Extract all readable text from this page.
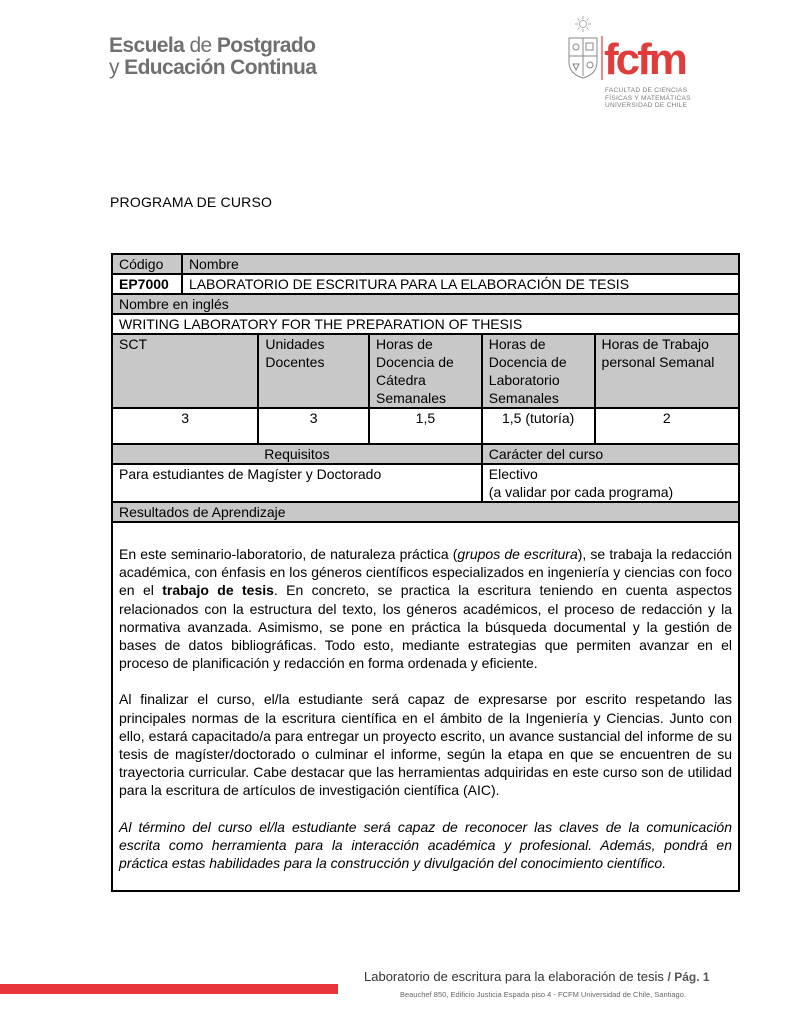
Escuela de Postgrado
y Educación Continua	fcfm
FACULTAD DE CIENCIAS
FÍSICAS Y MATEMÁTICAS
UNIVERSIDAD DE CHILE
PROGRAMA DE CURSO
Código	Nombre				
EP7000	LABORATORIO DE ESCRITURA PARA LA ELABORACIÓN DE TESIS				
Nombre en inglés					
WRITING LABORATORY FOR THE PREPARATION OF THESIS					
SCT		Unidades Docentes	Horas de Docencia de Cátedra Semanales	Horas de Docencia de Laboratorio Semanales	Horas de Trabajo personal Semanal
3		3	1,5	1,5 (tutoría)	2
Requisitos				Carácter del curso	
Para estudiantes de Magíster y Doctorado				Electivo
(a validar por cada programa)	

Resultados de Aprendizaje					

En este seminario-laboratorio, de naturaleza práctica (grupos de escritura), se trabaja la redacción académica, con énfasis en los géneros científicos especializados en ingeniería y ciencias con foco en el trabajo de tesis. En concreto, se practica la escritura teniendo en cuenta aspectos relacionados con la estructura del texto, los géneros académicos, el proceso de redacción y la normativa avanzada. Asimismo, se pone en práctica la búsqueda documental y la gestión de bases de datos bibliográficas. Todo esto, mediante estrategias que permiten avanzar en el proceso de planificación y redacción en forma ordenada y eficiente.

Al finalizar el curso, el/la estudiante será capaz de expresarse por escrito respetando las principales normas de la escritura científica en el ámbito de la Ingeniería y Ciencias. Junto con ello, estará capacitado/a para entregar un proyecto escrito, un avance sustancial del informe de su tesis de magíster/doctorado o culminar el informe, según la etapa en que se encuentren de su trayectoria curricular. Cabe destacar que las herramientas adquiridas en este curso son de utilidad para la escritura de artículos de investigación científica (AIC).

Al término del curso el/la estudiante será capaz de reconocer las claves de la comunicación escrita como herramienta para la interacción académica y profesional. Además, pondrá en práctica estas habilidades para la construcción y divulgación del conocimiento científico.					

Laboratorio de escritura para la elaboración de tesis / Pág. 1
Beauchef 850, Edificio Justicia Espada piso 4 - FCFM Universidad de Chile, Santiago.
